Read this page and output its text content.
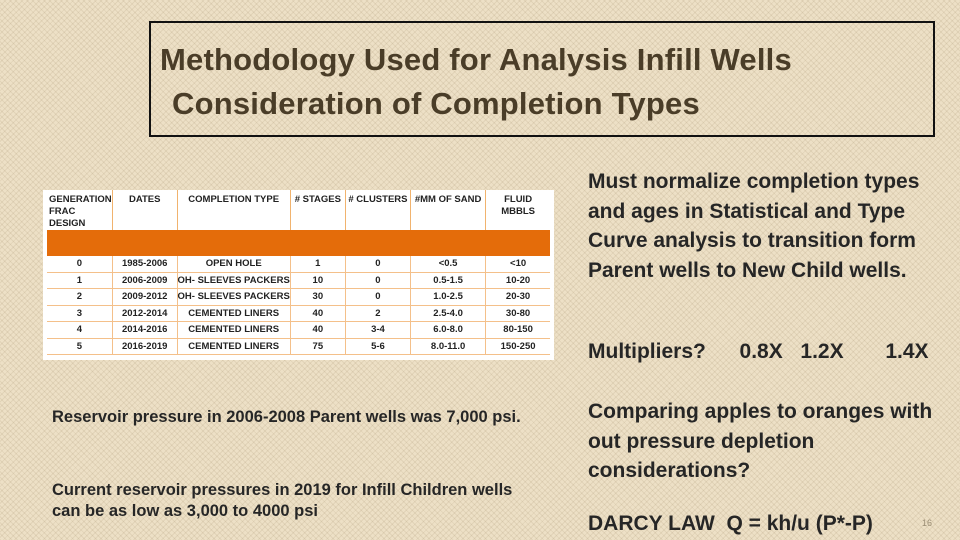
Methodology Used for Analysis Infill Wells
Consideration of Completion Types

GENERATION FRAC DESIGN	DATES	COMPLETION TYPE	# STAGES	# CLUSTERS	#MM OF SAND	FLUID MBBLS

0	1985-2006	OPEN HOLE	1	0	<0.5	<10
1	2006-2009	OH- SLEEVES PACKERS	10	0	0.5-1.5	10-20
2	2009-2012	OH- SLEEVES PACKERS	30	0	1.0-2.5	20-30
3	2012-2014	CEMENTED LINERS	40	2	2.5-4.0	30-80
4	2014-2016	CEMENTED LINERS	40	3-4	6.0-8.0	80-150
5	2016-2019	CEMENTED LINERS	75	5-6	8.0-11.0	150-250
Must normalize completion types and ages in Statistical and Type Curve analysis to transition form Parent wells to New Child wells.
Multipliers? 0.8X 1.2X 1.4X
Comparing apples to oranges with out pressure depletion considerations?
DARCY LAW  Q = kh/u (P*-P)
Reservoir pressure in 2006-2008 Parent wells was 7,000 psi.
Current reservoir pressures in 2019 for Infill Children wells can be as low as 3,000 to 4000 psi
16
